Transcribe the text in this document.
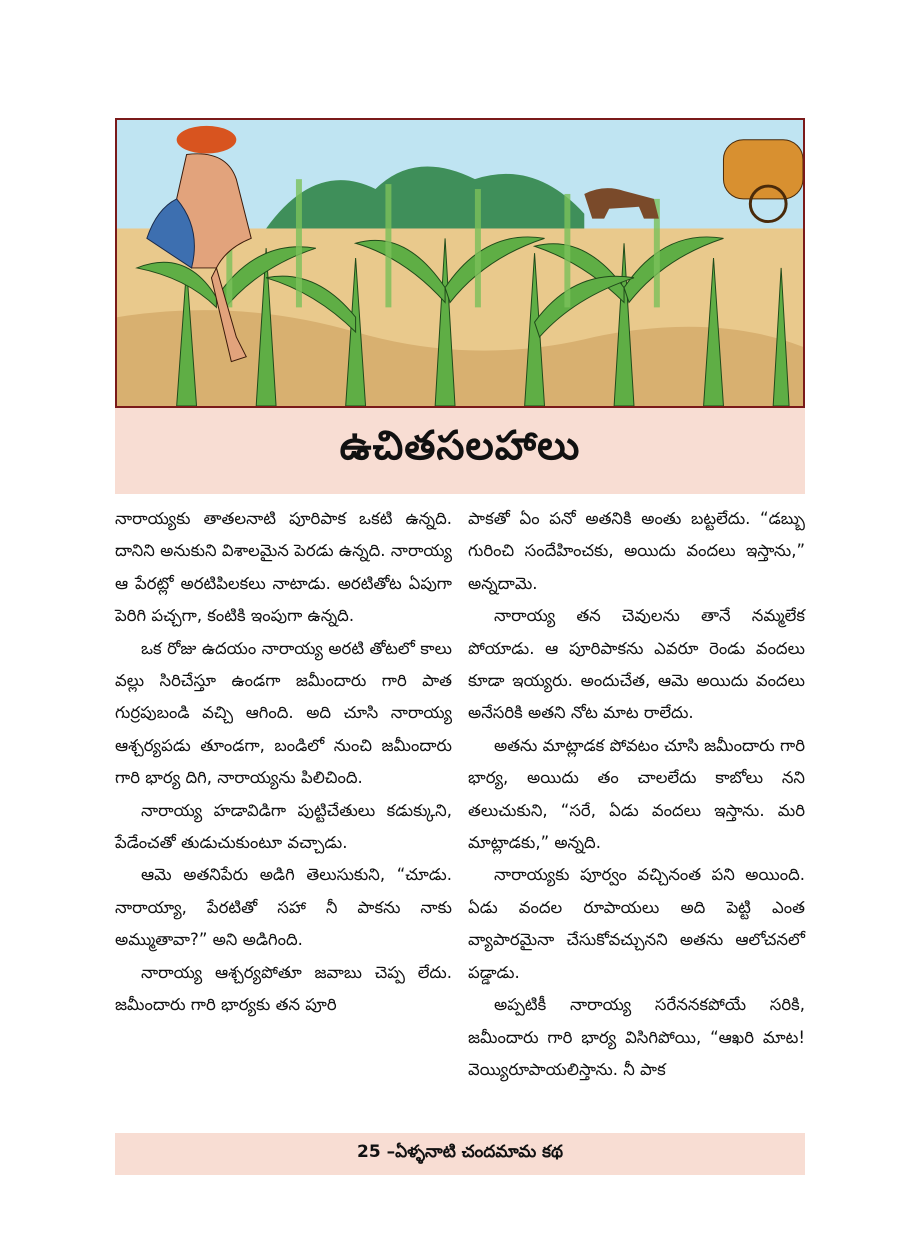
ఉచితసలహాలు

నారాయ్యకు తాతలనాటి పూరిపాక ఒకటి ఉన్నది. దానిని అనుకుని విశాలమైన పెరడు ఉన్నది. నారాయ్య ఆ పేరట్లో అరటిపిలకలు నాటాడు. అరటితోట ఏపుగా పెరిగి పచ్చగా, కంటికి ఇంపుగా ఉన్నది.

ఒక రోజు ఉదయం నారాయ్య అరటి తోటలో కాలు వల్లు సిరిచేస్తూ ఉండగా జమీందారు గారి పాత గుర్రపుబండి వచ్చి ఆగింది. అది చూసి నారాయ్య ఆశ్చర్యపడు తూండగా, బండిలో నుంచి జమీందారు గారి భార్య దిగి, నారాయ్యను పిలిచింది.

నారాయ్య హడావిడిగా పుట్టిచేతులు కడుక్కుని, పేడేంచతో తుడుచుకుంటూ వచ్చాడు.

ఆమె అతనిపేరు అడిగి తెలుసుకుని, “చూడు. నారాయ్యా, పేరటితో సహా నీ పాకను నాకు అమ్ముతావా?” అని అడిగింది.

నారాయ్య ఆశ్చర్యపోతూ జవాబు చెప్ప లేదు. జమీందారు గారి భార్యకు తన పూరి

పాకతో ఏం పనో అతనికి అంతు బట్టలేదు. “డబ్బు గురించి సందేహించకు, అయిదు వందలు ఇస్తాను,” అన్నదామె.

నారాయ్య తన చెవులను తానే నమ్మలేక పోయాడు. ఆ పూరిపాకను ఎవరూ రెండు వందలు కూడా ఇయ్యరు. అందుచేత, ఆమె అయిదు వందలు అనేసరికి అతని నోట మాట రాలేదు.

అతను మాట్లాడక పోవటం చూసి జమీందారు గారి భార్య, అయిదు తం చాలలేదు కాబోలు నని తలుచుకుని, “సరే, ఏడు వందలు ఇస్తాను. మరి మాట్లాడకు,” అన్నది.

నారాయ్యకు పూర్వం వచ్చినంత పని అయింది. ఏడు వందల రూపాయలు అది పెట్టి ఎంత వ్యాపారమైనా చేసుకోవచ్చునని అతను ఆలోచనలో పడ్డాడు.

అప్పటికీ నారాయ్య సరేననకపోయే సరికి, జమీందారు గారి భార్య విసిగిపోయి, “ఆఖరి మాట! వెయ్యిరూపాయలిస్తాను. నీ పాక

25 –ఏళ్ళనాటి చందమామ కథ
